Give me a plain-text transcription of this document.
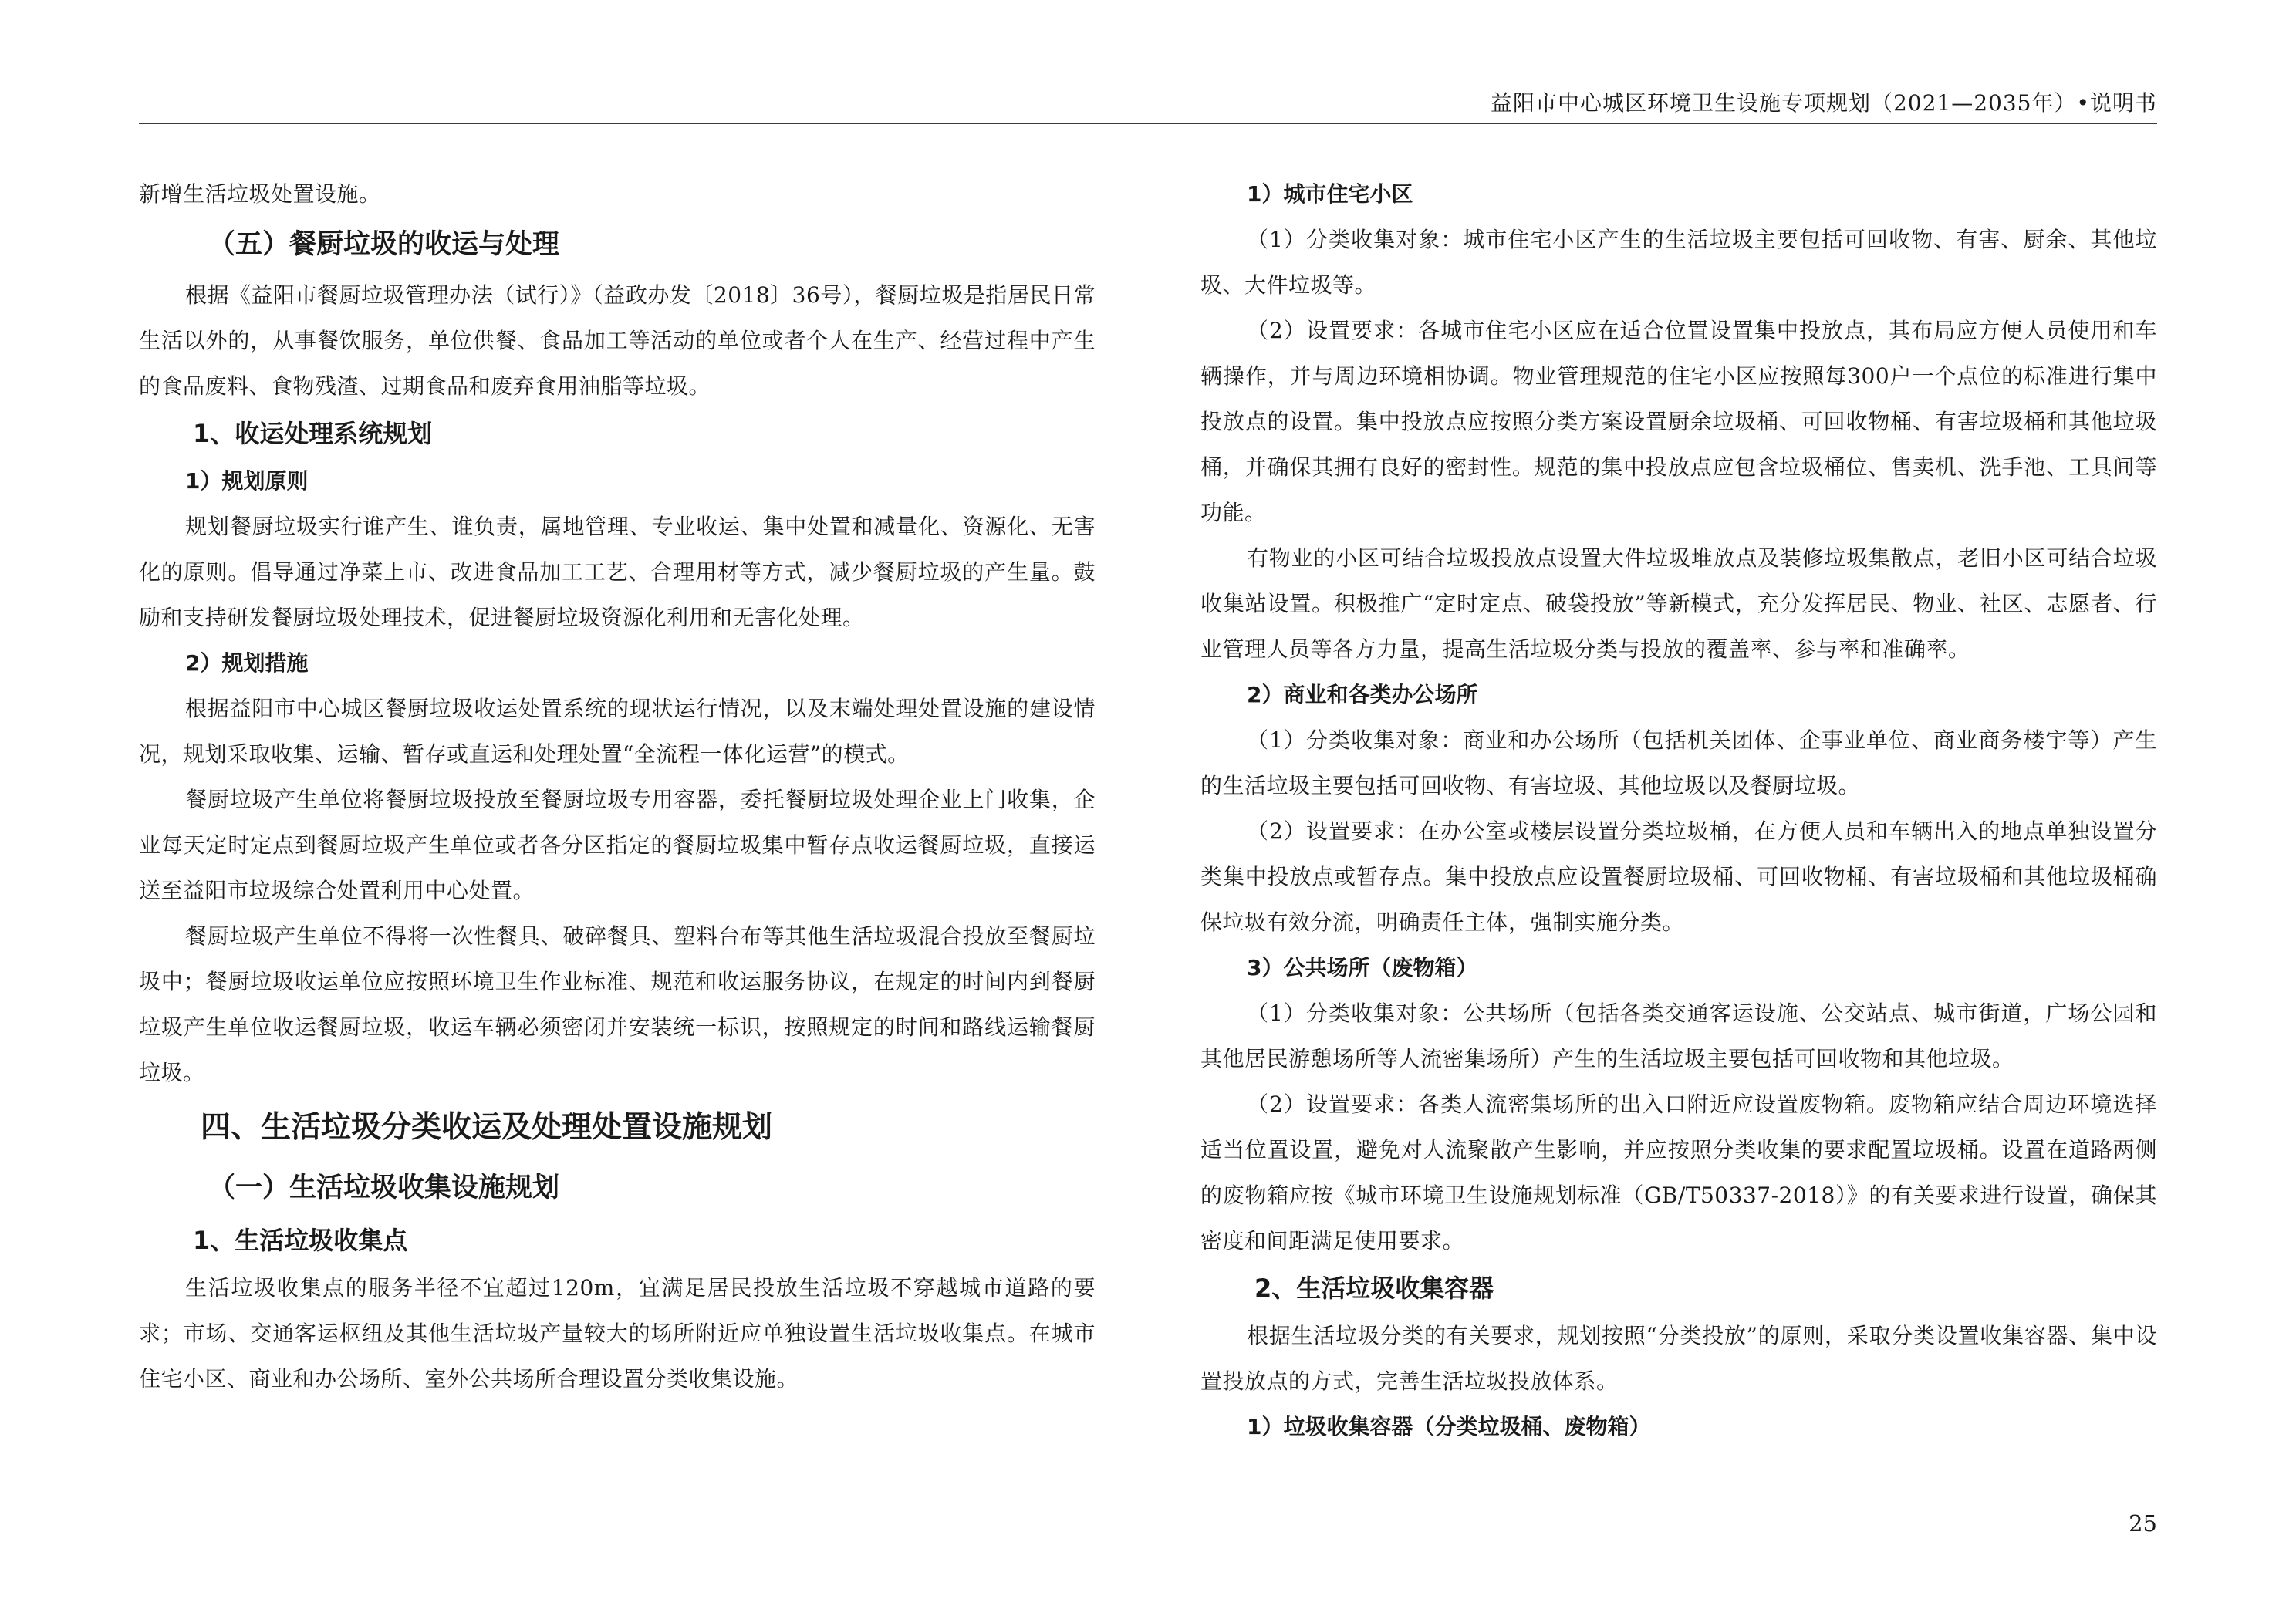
益阳市中心城区环境卫生设施专项规划（2021—2035年）•说明书

新增生活垃圾处置设施。

（五）餐厨垃圾的收运与处理

根据《益阳市餐厨垃圾管理办法（试行）》（益政办发〔2018〕36号），餐厨垃圾是指居民日常生活以外的，从事餐饮服务，单位供餐、食品加工等活动的单位或者个人在生产、经营过程中产生的食品废料、食物残渣、过期食品和废弃食用油脂等垃圾。

1、收运处理系统规划
1）规划原则

规划餐厨垃圾实行谁产生、谁负责，属地管理、专业收运、集中处置和减量化、资源化、无害化的原则。倡导通过净菜上市、改进食品加工工艺、合理用材等方式，减少餐厨垃圾的产生量。鼓励和支持研发餐厨垃圾处理技术，促进餐厨垃圾资源化利用和无害化处理。

2）规划措施

根据益阳市中心城区餐厨垃圾收运处置系统的现状运行情况，以及末端处理处置设施的建设情况，规划采取收集、运输、暂存或直运和处理处置“全流程一体化运营”的模式。

餐厨垃圾产生单位将餐厨垃圾投放至餐厨垃圾专用容器，委托餐厨垃圾处理企业上门收集，企业每天定时定点到餐厨垃圾产生单位或者各分区指定的餐厨垃圾集中暂存点收运餐厨垃圾，直接运送至益阳市垃圾综合处置利用中心处置。

餐厨垃圾产生单位不得将一次性餐具、破碎餐具、塑料台布等其他生活垃圾混合投放至餐厨垃圾中；餐厨垃圾收运单位应按照环境卫生作业标准、规范和收运服务协议，在规定的时间内到餐厨垃圾产生单位收运餐厨垃圾，收运车辆必须密闭并安装统一标识，按照规定的时间和路线运输餐厨垃圾。

四、生活垃圾分类收运及处理处置设施规划
（一）生活垃圾收集设施规划
1、生活垃圾收集点

生活垃圾收集点的服务半径不宜超过120m，宜满足居民投放生活垃圾不穿越城市道路的要求；市场、交通客运枢纽及其他生活垃圾产量较大的场所附近应单独设置生活垃圾收集点。在城市住宅小区、商业和办公场所、室外公共场所合理设置分类收集设施。

1）城市住宅小区

（1）分类收集对象：城市住宅小区产生的生活垃圾主要包括可回收物、有害、厨余、其他垃圾、大件垃圾等。

（2）设置要求：各城市住宅小区应在适合位置设置集中投放点，其布局应方便人员使用和车辆操作，并与周边环境相协调。物业管理规范的住宅小区应按照每300户一个点位的标准进行集中投放点的设置。集中投放点应按照分类方案设置厨余垃圾桶、可回收物桶、有害垃圾桶和其他垃圾桶，并确保其拥有良好的密封性。规范的集中投放点应包含垃圾桶位、售卖机、洗手池、工具间等功能。

有物业的小区可结合垃圾投放点设置大件垃圾堆放点及装修垃圾集散点，老旧小区可结合垃圾收集站设置。积极推广“定时定点、破袋投放”等新模式，充分发挥居民、物业、社区、志愿者、行业管理人员等各方力量，提高生活垃圾分类与投放的覆盖率、参与率和准确率。

2）商业和各类办公场所

（1）分类收集对象：商业和办公场所（包括机关团体、企事业单位、商业商务楼宇等）产生的生活垃圾主要包括可回收物、有害垃圾、其他垃圾以及餐厨垃圾。

（2）设置要求：在办公室或楼层设置分类垃圾桶，在方便人员和车辆出入的地点单独设置分类集中投放点或暂存点。集中投放点应设置餐厨垃圾桶、可回收物桶、有害垃圾桶和其他垃圾桶确保垃圾有效分流，明确责任主体，强制实施分类。

3）公共场所（废物箱）

（1）分类收集对象：公共场所（包括各类交通客运设施、公交站点、城市街道，广场公园和其他居民游憩场所等人流密集场所）产生的生活垃圾主要包括可回收物和其他垃圾。

（2）设置要求：各类人流密集场所的出入口附近应设置废物箱。废物箱应结合周边环境选择适当位置设置，避免对人流聚散产生影响，并应按照分类收集的要求配置垃圾桶。设置在道路两侧的废物箱应按《城市环境卫生设施规划标准（GB/T50337-2018）》的有关要求进行设置，确保其密度和间距满足使用要求。

2、生活垃圾收集容器

根据生活垃圾分类的有关要求，规划按照“分类投放”的原则，采取分类设置收集容器、集中设置投放点的方式，完善生活垃圾投放体系。

1）垃圾收集容器（分类垃圾桶、废物箱）
25
